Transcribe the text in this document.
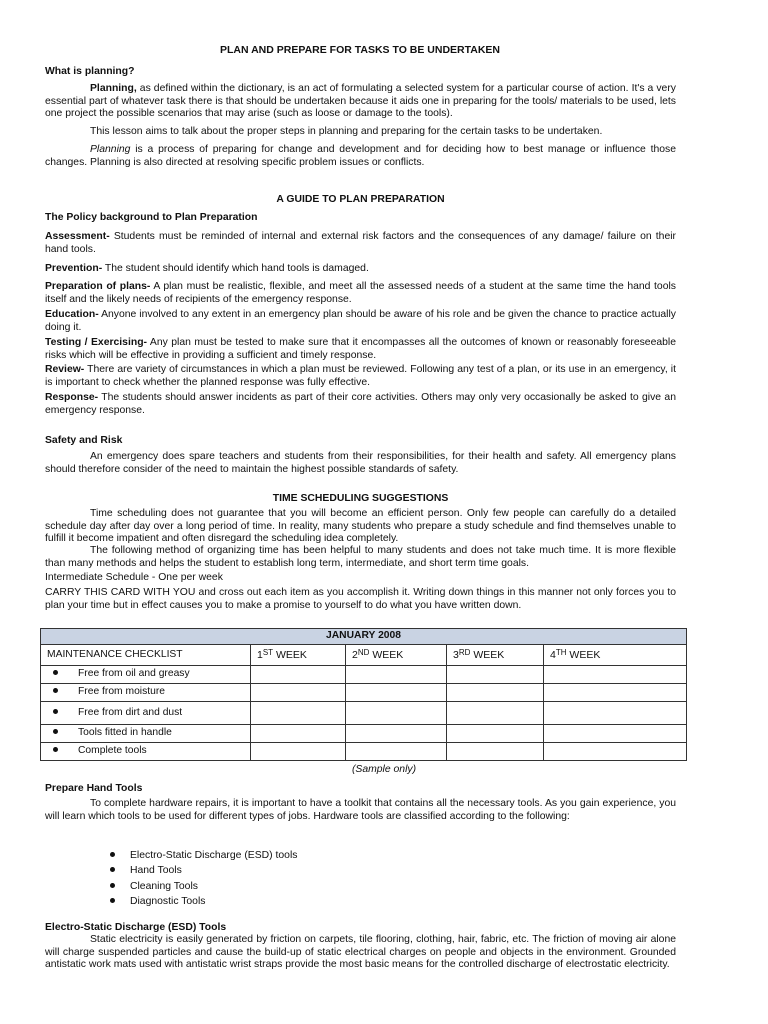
PLAN AND PREPARE FOR TASKS TO BE UNDERTAKEN

What is planning?

Planning, as defined within the dictionary, is an act of formulating a selected system for a particular course of action. It's a very essential part of whatever task there is that should be undertaken because it aids one in preparing for the tools/ materials to be used, lets one project the possible scenarios that may arise (such as loose or damage to the tools).

This lesson aims to talk about the proper steps in planning and preparing for the certain tasks to be undertaken.

Planning is a process of preparing for change and development and for deciding how to best manage or influence those changes. Planning is also directed at resolving specific problem issues or conflicts.

A GUIDE TO PLAN PREPARATION

The Policy background to Plan Preparation

Assessment- Students must be reminded of internal and external risk factors and the consequences of any damage/ failure on their hand tools.

Prevention- The student should identify which hand tools is damaged.

Preparation of plans- A plan must be realistic, flexible, and meet all the assessed needs of a student at the same time the hand tools itself and the likely needs of recipients of the emergency response.

Education- Anyone involved to any extent in an emergency plan should be aware of his role and be given the chance to practice actually doing it.

Testing / Exercising- Any plan must be tested to make sure that it encompasses all the outcomes of known or reasonably foreseeable risks which will be effective in providing a sufficient and timely response.

Review- There are variety of circumstances in which a plan must be reviewed. Following any test of a plan, or its use in an emergency, it is important to check whether the planned response was fully effective.

Response- The students should answer incidents as part of their core activities. Others may only very occasionally be asked to give an emergency response.

Safety and Risk

An emergency does spare teachers and students from their responsibilities, for their health and safety. All emergency plans should therefore consider of the need to maintain the highest possible standards of safety.

TIME SCHEDULING SUGGESTIONS

Time scheduling does not guarantee that you will become an efficient person. Only few people can carefully do a detailed schedule day after day over a long period of time. In reality, many students who prepare a study schedule and find themselves unable to fulfill it become impatient and often disregard the scheduling idea completely.

The following method of organizing time has been helpful to many students and does not take much time. It is more flexible than many methods and helps the student to establish long term, intermediate, and short term time goals.

Intermediate Schedule - One per week

CARRY THIS CARD WITH YOU and cross out each item as you accomplish it. Writing down things in this manner not only forces you to plan your time but in effect causes you to make a promise to yourself to do what you have written down.

JANUARY 2008				
MAINTENANCE CHECKLIST	1ST WEEK	2ND WEEK	3RD WEEK	4TH WEEK
Free from oil and greasy				
Free from moisture				
Free from dirt and dust				
Tools fitted in handle				
Complete tools				

(Sample only)

Prepare Hand Tools

To complete hardware repairs, it is important to have a toolkit that contains all the necessary tools. As you gain experience, you will learn which tools to be used for different types of jobs. Hardware tools are classified according to the following:

Electro-Static Discharge (ESD) tools
Hand Tools
Cleaning Tools
Diagnostic Tools

Electro-Static Discharge (ESD) Tools

Static electricity is easily generated by friction on carpets, tile flooring, clothing, hair, fabric, etc. The friction of moving air alone will charge suspended particles and cause the build-up of static electrical charges on people and objects in the environment. Grounded antistatic work mats used with antistatic wrist straps provide the most basic means for the controlled discharge of electrostatic electricity.
